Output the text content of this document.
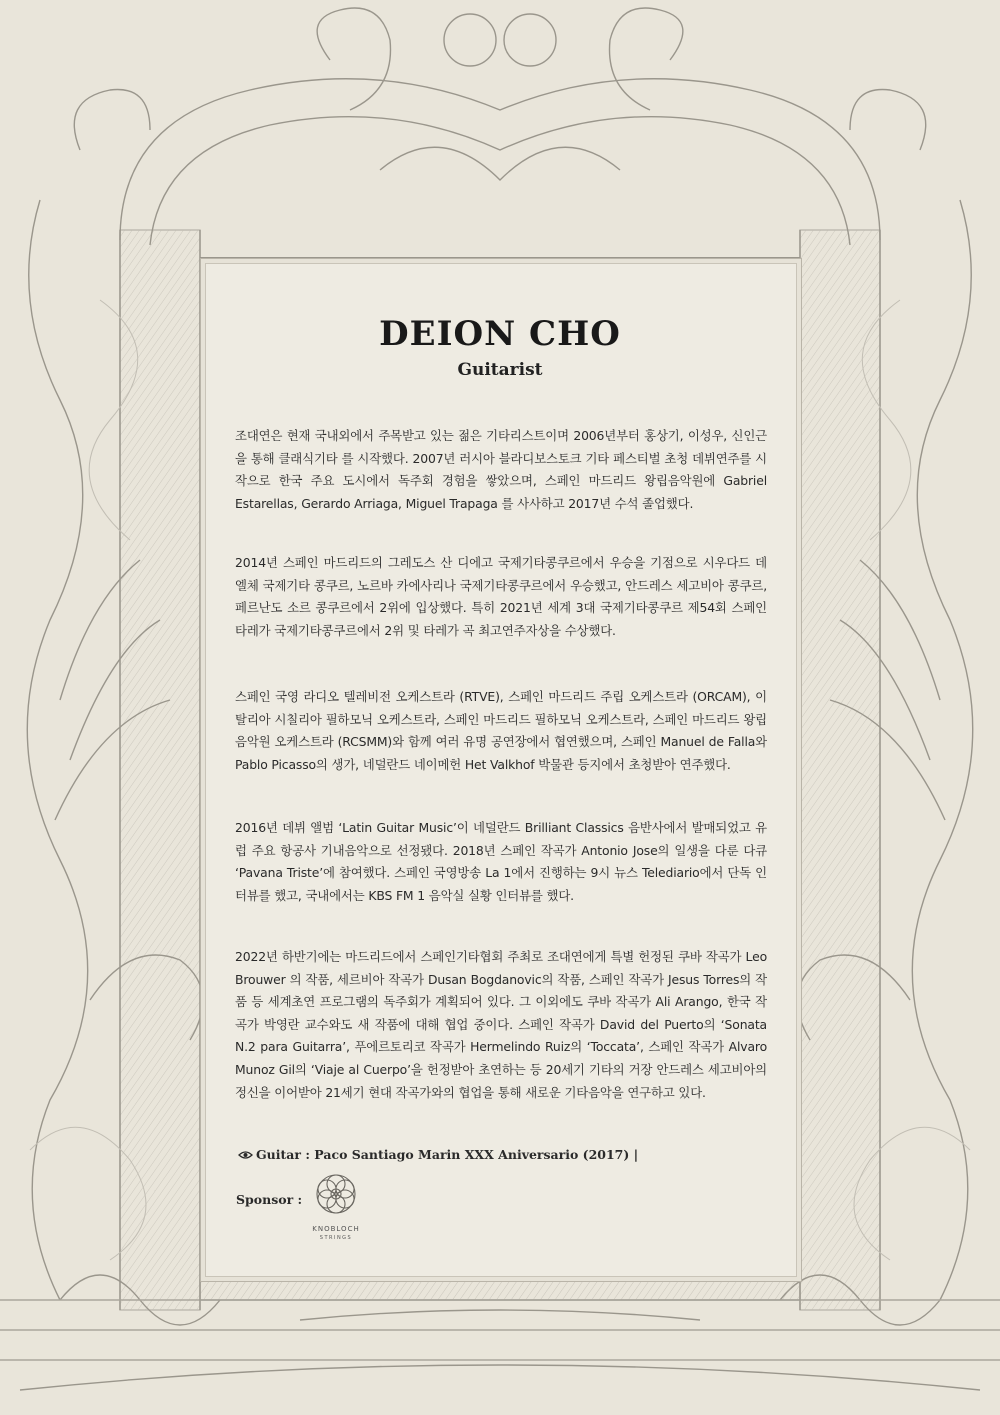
DEION CHO
Guitarist

조대연은 현재 국내외에서 주목받고 있는 젊은 기타리스트이며 2006년부터 홍상기, 이성우, 신인근을 통해 클래식기타 를 시작했다. 2007년 러시아 블라디보스토크 기타 페스티벌 초청 데뷔연주를 시작으로 한국 주요 도시에서 독주회 경험을 쌓았으며, 스페인 마드리드 왕립음악원에 Gabriel Estarellas, Gerardo Arriaga, Miguel Trapaga 를 사사하고 2017년 수석 졸업했다.

2014년 스페인 마드리드의 그레도스 산 디에고 국제기타콩쿠르에서 우승을 기점으로 시우다드 데 엘체 국제기타 콩쿠르, 노르바 카에사리나 국제기타콩쿠르에서 우승했고, 안드레스 세고비아 콩쿠르, 페르난도 소르 콩쿠르에서 2위에 입상했다. 특히 2021년 세계 3대 국제기타콩쿠르 제54회 스페인 타레가 국제기타콩쿠르에서 2위 및 타레가 곡 최고연주자상을 수상했다.

스페인 국영 라디오 텔레비전 오케스트라 (RTVE), 스페인 마드리드 주립 오케스트라 (ORCAM), 이탈리아 시칠리아 필하모닉 오케스트라, 스페인 마드리드 필하모닉 오케스트라, 스페인 마드리드 왕립음악원 오케스트라 (RCSMM)와 함께 여러 유명 공연장에서 협연했으며, 스페인 Manuel de Falla와 Pablo Picasso의 생가, 네덜란드 네이메헌 Het Valkhof 박물관 등지에서 초청받아 연주했다.

2016년 데뷔 앨범 ‘Latin Guitar Music’이 네덜란드 Brilliant Classics 음반사에서 발매되었고 유럽 주요 항공사 기내음악으로 선정됐다. 2018년 스페인 작곡가 Antonio Jose의 일생을 다룬 다큐 ‘Pavana Triste’에 참여했다. 스페인 국영방송 La 1에서 진행하는 9시 뉴스 Telediario에서 단독 인터뷰를 했고, 국내에서는 KBS FM 1 음악실 실황 인터뷰를 했다.

2022년 하반기에는 마드리드에서 스페인기타협회 주최로 조대연에게 특별 헌정된 쿠바 작곡가 Leo Brouwer 의 작품, 세르비아 작곡가 Dusan Bogdanovic의 작품, 스페인 작곡가 Jesus Torres의 작품 등 세계초연 프로그램의 독주회가 계획되어 있다. 그 이외에도 쿠바 작곡가 Ali Arango, 한국 작곡가 박영란 교수와도 새 작품에 대해 협업 중이다. 스페인 작곡가 David del Puerto의 ‘Sonata N.2 para Guitarra’, 푸에르토리코 작곡가 Hermelindo Ruiz의 ‘Toccata’, 스페인 작곡가 Alvaro Munoz Gil의 ‘Viaje al Cuerpo’을 헌정받아 초연하는 등 20세기 기타의 거장 안드레스 세고비아의 정신을 이어받아 21세기 현대 작곡가와의 협업을 통해 새로운 기타음악을 연구하고 있다.

Guitar : Paco Santiago Marin XXX Aniversario (2017) |
Sponsor :
KNOBLOCH
STRINGS
